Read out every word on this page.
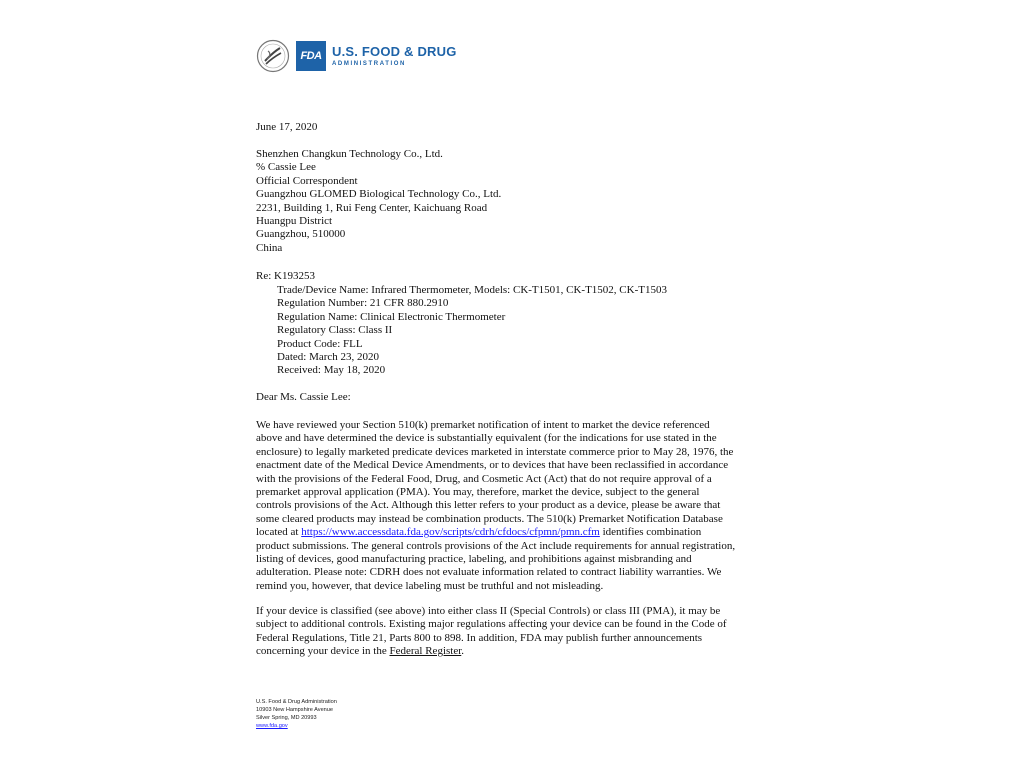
FDA U.S. FOOD & DRUG
ADMINISTRATION
June 17, 2020
Shenzhen Changkun Technology Co., Ltd.
% Cassie Lee
Official Correspondent
Guangzhou GLOMED Biological Technology Co., Ltd.
2231, Building 1, Rui Feng Center, Kaichuang Road
Huangpu District
Guangzhou, 510000
China
Re: K193253
Trade/Device Name: Infrared Thermometer, Models: CK-T1501, CK-T1502, CK-T1503
Regulation Number: 21 CFR 880.2910
Regulation Name: Clinical Electronic Thermometer
Regulatory Class: Class II
Product Code: FLL
Dated: March 23, 2020
Received: May 18, 2020
Dear Ms. Cassie Lee:
We have reviewed your Section 510(k) premarket notification of intent to market the device referenced
above and have determined the device is substantially equivalent (for the indications for use stated in the
enclosure) to legally marketed predicate devices marketed in interstate commerce prior to May 28, 1976, the
enactment date of the Medical Device Amendments, or to devices that have been reclassified in accordance
with the provisions of the Federal Food, Drug, and Cosmetic Act (Act) that do not require approval of a
premarket approval application (PMA). You may, therefore, market the device, subject to the general
controls provisions of the Act. Although this letter refers to your product as a device, please be aware that
some cleared products may instead be combination products. The 510(k) Premarket Notification Database
located at https://www.accessdata.fda.gov/scripts/cdrh/cfdocs/cfpmn/pmn.cfm identifies combination
product submissions. The general controls provisions of the Act include requirements for annual registration,
listing of devices, good manufacturing practice, labeling, and prohibitions against misbranding and
adulteration. Please note: CDRH does not evaluate information related to contract liability warranties. We
remind you, however, that device labeling must be truthful and not misleading.
If your device is classified (see above) into either class II (Special Controls) or class III (PMA), it may be
subject to additional controls. Existing major regulations affecting your device can be found in the Code of
Federal Regulations, Title 21, Parts 800 to 898. In addition, FDA may publish further announcements
concerning your device in the Federal Register.
U.S. Food & Drug Administration
10903 New Hampshire Avenue
Silver Spring, MD 20993
www.fda.gov
